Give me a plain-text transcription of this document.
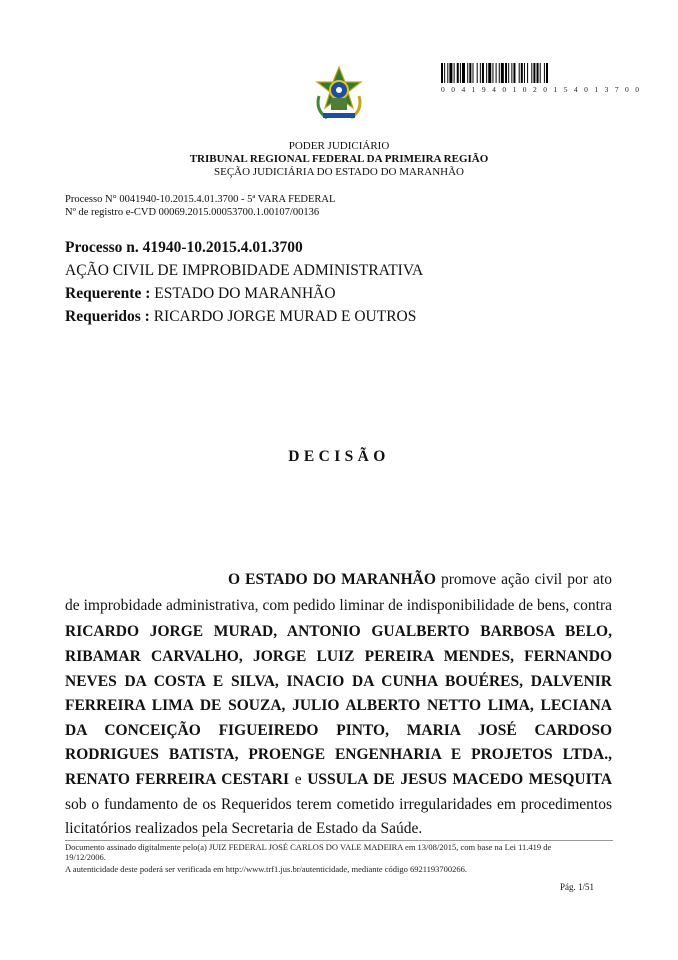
0 0 4 1 9 4 0 1 0 2 0 1 5 4 0 1 3 7 0 0
PODER JUDICIÁRIO
TRIBUNAL REGIONAL FEDERAL DA PRIMEIRA REGIÃO
SEÇÃO JUDICIÁRIA DO ESTADO DO MARANHÃO
Processo N° 0041940-10.2015.4.01.3700 - 5ª VARA FEDERAL
Nº de registro e-CVD 00069.2015.00053700.1.00107/00136
Processo n. 41940-10.2015.4.01.3700
AÇÃO CIVIL DE IMPROBIDADE ADMINISTRATIVA
Requerente : ESTADO DO MARANHÃO
Requeridos : RICARDO JORGE MURAD E OUTROS
DECISÃO
O ESTADO DO MARANHÃO promove ação civil por ato
de improbidade administrativa, com pedido liminar de indisponibilidade de bens, contra
RICARDO JORGE MURAD, ANTONIO GUALBERTO BARBOSA BELO,
RIBAMAR CARVALHO, JORGE LUIZ PEREIRA MENDES, FERNANDO
NEVES DA COSTA E SILVA, INACIO DA CUNHA BOUÉRES, DALVENIR
FERREIRA LIMA DE SOUZA, JULIO ALBERTO NETTO LIMA, LECIANA
DA CONCEIÇÃO FIGUEIREDO PINTO, MARIA JOSÉ CARDOSO
RODRIGUES BATISTA, PROENGE ENGENHARIA E PROJETOS LTDA.,
RENATO FERREIRA CESTARI e USSULA DE JESUS MACEDO MESQUITA
sob o fundamento de os Requeridos terem cometido irregularidades em procedimentos
licitatórios realizados pela Secretaria de Estado da Saúde.
Documento assinado digitalmente pelo(a) JUIZ FEDERAL JOSÉ CARLOS DO VALE MADEIRA em 13/08/2015, com base na Lei 11.419 de
19/12/2006.
A autenticidade deste poderá ser verificada em http://www.trf1.jus.br/autenticidade, mediante código 6921193700266.
Pág. 1/51
